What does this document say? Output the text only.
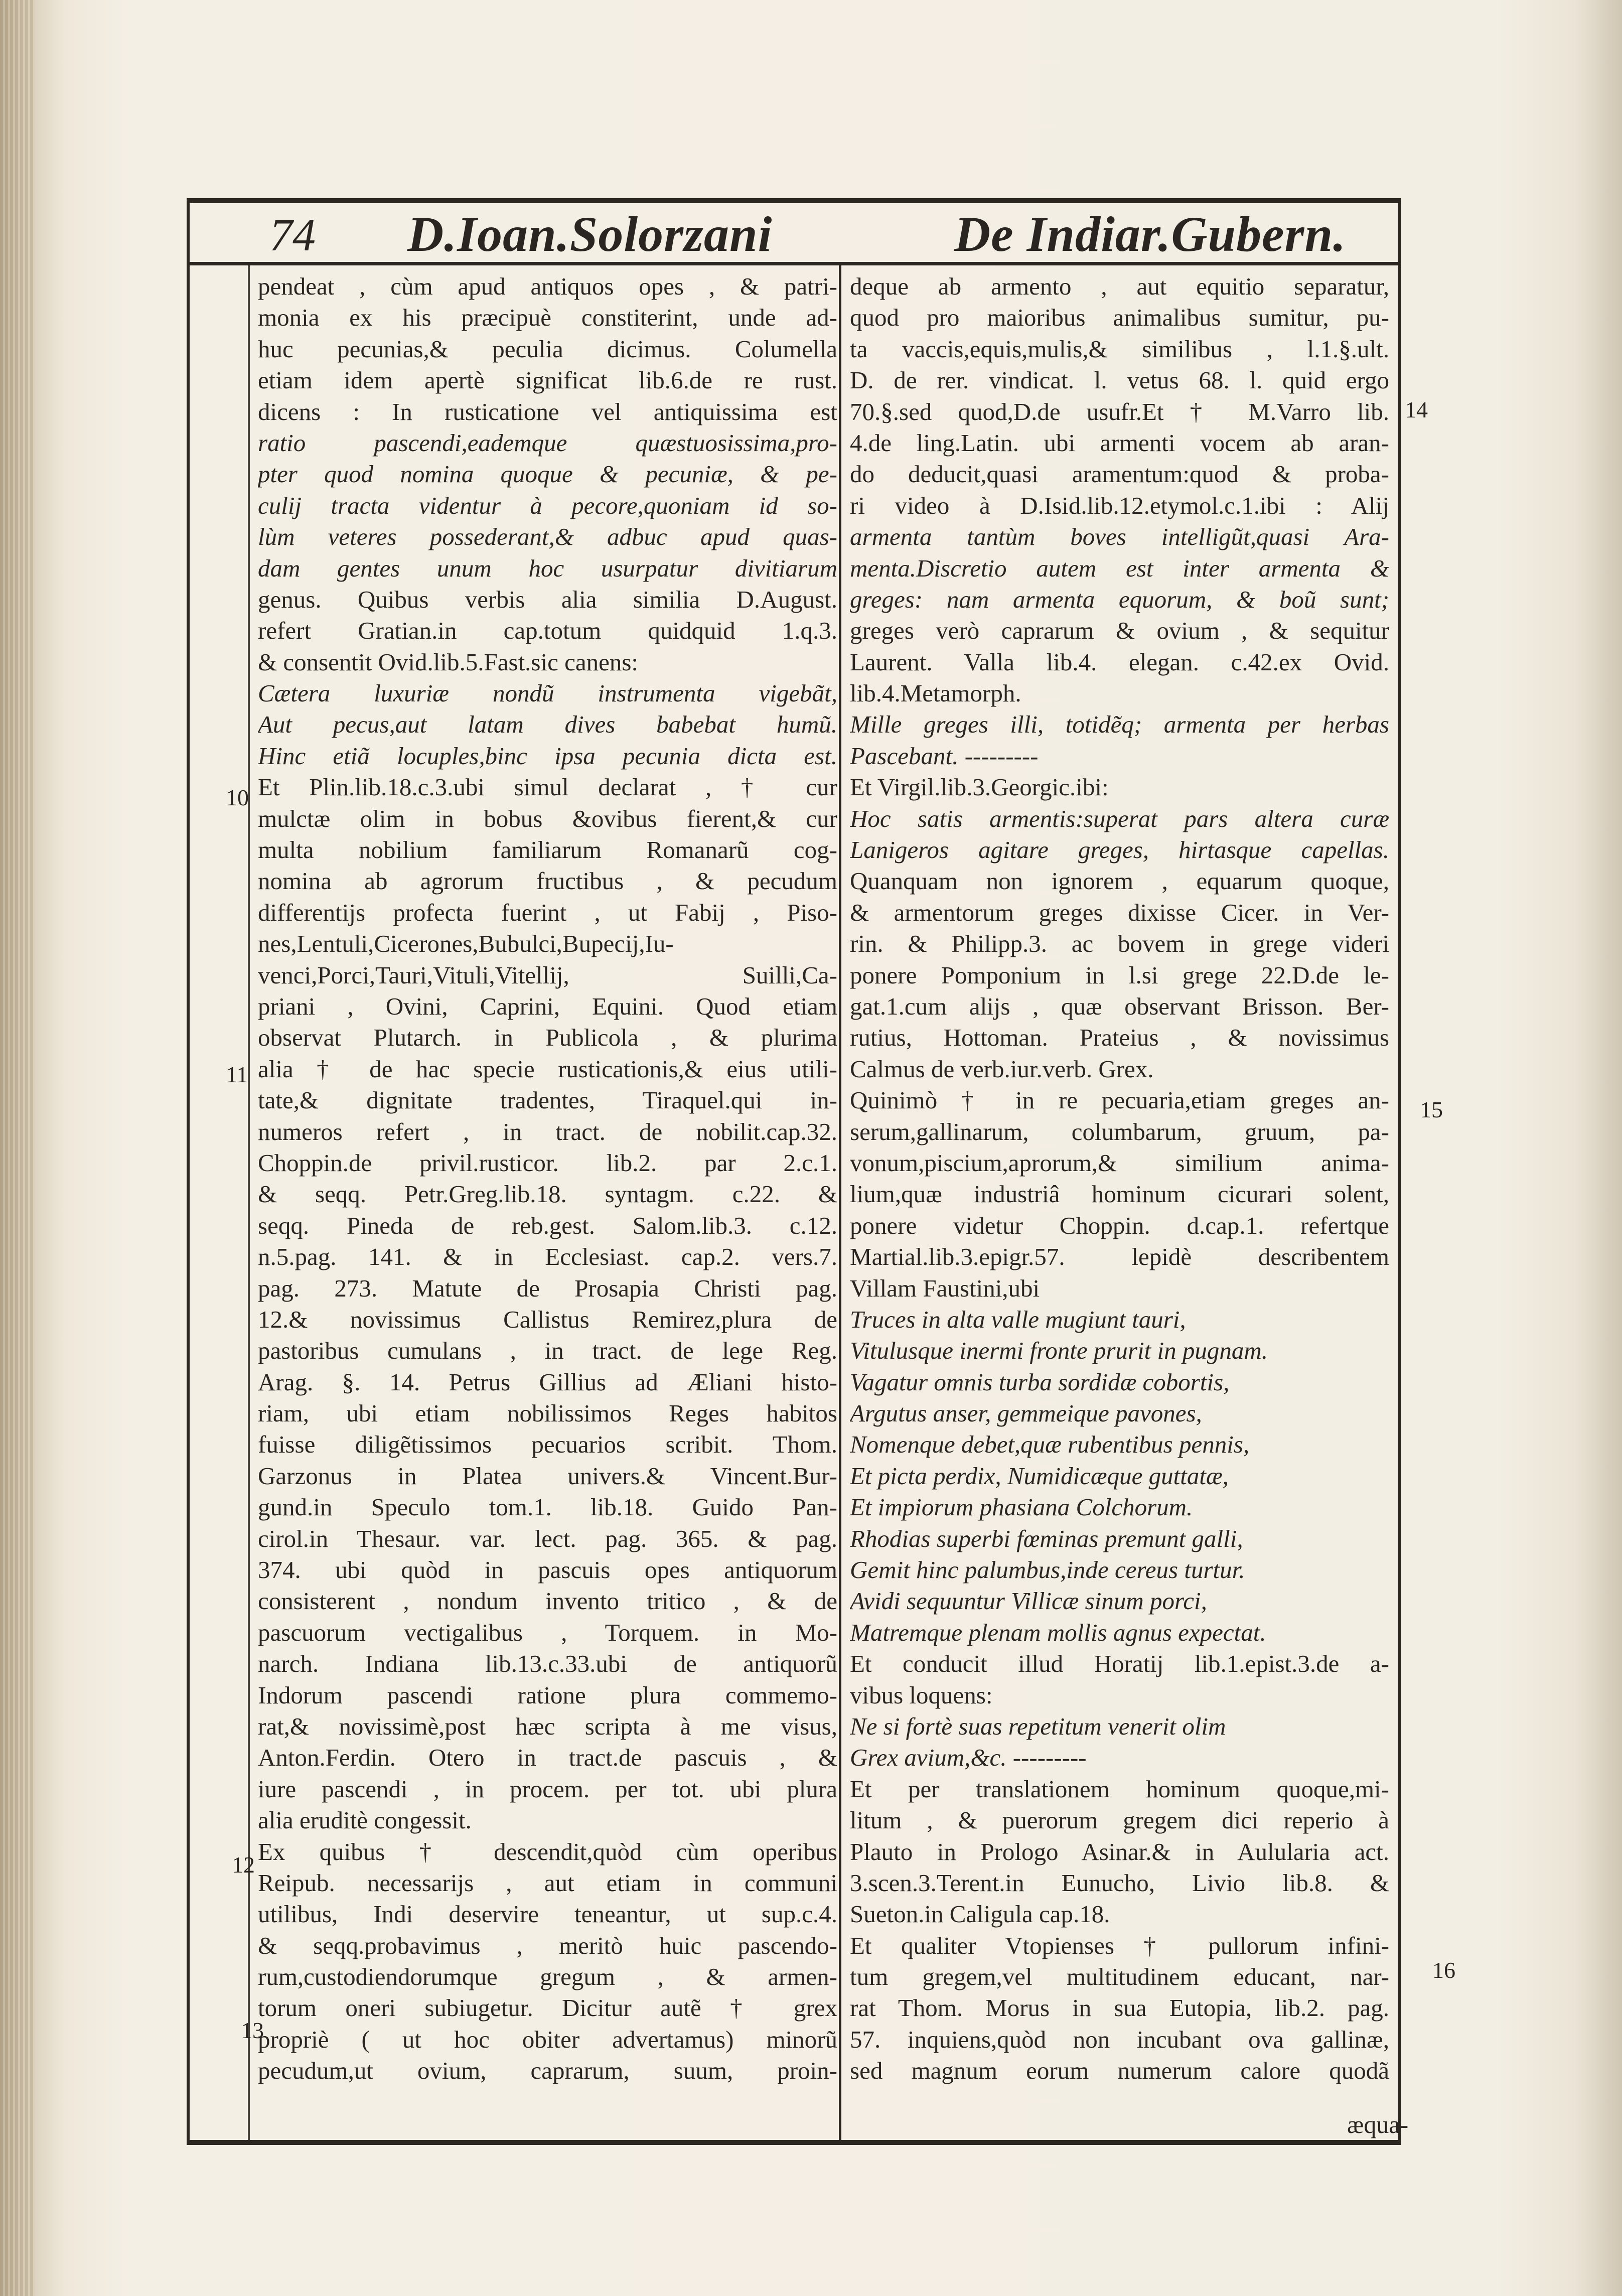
74 D.Ioan.Solorzani	De Indiar.Gubern.
pendeat , cùm apud antiquos opes , & patri-
monia ex his præcipuè constiterint, unde ad-
huc pecunias,& peculia dicimus. Columella
etiam idem apertè significat lib.6.de re rust.
dicens : In rusticatione vel antiquissima est
ratio pascendi,eademque quæstuosissima,pro-
pter quod nomina quoque & pecuniæ, & pe-
culij tracta videntur à pecore,quoniam id so-
lùm veteres possederant,& adbuc apud quas-
dam gentes unum hoc usurpatur divitiarum
genus. Quibus verbis alia similia D.August.
refert Gratian.in cap.totum quidquid 1.q.3.
& consentit Ovid.lib.5.Fast.sic canens:
Cætera luxuriæ nondũ instrumenta vigebãt,
Aut pecus,aut latam dives babebat humũ.
Hinc etiã locuples,binc ipsa pecunia dicta est.
Et Plin.lib.18.c.3.ubi simul declarat , † cur
mulctæ olim in bobus &ovibus fierent,& cur
multa nobilium familiarum Romanarũ cog-
nomina ab agrorum fructibus , & pecudum
differentijs profecta fuerint , ut Fabij , Piso-
nes,Lentuli,Cicerones,Bubulci,Bupecij,Iu-
venci,Porci,Tauri,Vituli,Vitellij, Suilli,Ca-
priani , Ovini, Caprini, Equini. Quod etiam
observat Plutarch. in Publicola , & plurima
alia † de hac specie rusticationis,& eius utili-
tate,& dignitate tradentes, Tiraquel.qui in-
numeros refert , in tract. de nobilit.cap.32.
Choppin.de privil.rusticor. lib.2. par 2.c.1.
& seqq. Petr.Greg.lib.18. syntagm. c.22. &
seqq. Pineda de reb.gest. Salom.lib.3. c.12.
n.5.pag. 141. & in Ecclesiast. cap.2. vers.7.
pag. 273. Matute de Prosapia Christi pag.
12.& novissimus Callistus Remirez,plura de
pastoribus cumulans , in tract. de lege Reg.
Arag. §. 14. Petrus Gillius ad Æliani histo-
riam, ubi etiam nobilissimos Reges habitos
fuisse diligẽtissimos pecuarios scribit. Thom.
Garzonus in Platea univers.& Vincent.Bur-
gund.in Speculo tom.1. lib.18. Guido Pan-
cirol.in Thesaur. var. lect. pag. 365. & pag.
374. ubi quòd in pascuis opes antiquorum
consisterent , nondum invento tritico , & de
pascuorum vectigalibus , Torquem. in Mo-
narch. Indiana lib.13.c.33.ubi de antiquorũ
Indorum pascendi ratione plura commemo-
rat,& novissimè,post hæc scripta à me visus,
Anton.Ferdin. Otero in tract.de pascuis , &
iure pascendi , in procem. per tot. ubi plura
alia eruditè congessit.
Ex quibus † descendit,quòd cùm operibus
Reipub. necessarijs , aut etiam in communi
utilibus, Indi deservire teneantur, ut sup.c.4.
& seqq.probavimus , meritò huic pascendo-
rum,custodiendorumque gregum , & armen-
torum oneri subiugetur. Dicitur autẽ † grex
propriè ( ut hoc obiter advertamus) minorũ
pecudum,ut ovium, caprarum, suum, proin-
deque ab armento , aut equitio separatur,
quod pro maioribus animalibus sumitur, pu-
ta vaccis,equis,mulis,& similibus , l.1.§.ult.
D. de rer. vindicat. l. vetus 68. l. quid ergo
70.§.sed quod,D.de usufr.Et † M.Varro lib.
4.de ling.Latin. ubi armenti vocem ab aran-
do deducit,quasi aramentum:quod & proba-
ri video à D.Isid.lib.12.etymol.c.1.ibi : Alij
armenta tantùm boves intelligũt,quasi Ara-
menta.Discretio autem est inter armenta &
greges: nam armenta equorum, & boũ sunt;
greges verò caprarum & ovium , & sequitur
Laurent. Valla lib.4. elegan. c.42.ex Ovid.
lib.4.Metamorph.
Mille greges illi, totidẽq; armenta per herbas
Pascebant. ---------
Et Virgil.lib.3.Georgic.ibi:
Hoc satis armentis:superat pars altera curæ
Lanigeros agitare greges, hirtasque capellas.
Quanquam non ignorem , equarum quoque,
& armentorum greges dixisse Cicer. in Ver-
rin. & Philipp.3. ac bovem in grege videri
ponere Pomponium in l.si grege 22.D.de le-
gat.1.cum alijs , quæ observant Brisson. Ber-
rutius, Hottoman. Prateius , & novissimus
Calmus de verb.iur.verb. Grex.
Quinimò † in re pecuaria,etiam greges an-
serum,gallinarum, columbarum, gruum, pa-
vonum,piscium,aprorum,& similium anima-
lium,quæ industriâ hominum cicurari solent,
ponere videtur Choppin. d.cap.1. refertque
Martial.lib.3.epigr.57. lepidè describentem
Villam Faustini,ubi
Truces in alta valle mugiunt tauri,
Vitulusque inermi fronte prurit in pugnam.
Vagatur omnis turba sordidæ cobortis,
Argutus anser, gemmeique pavones,
Nomenque debet,quæ rubentibus pennis,
Et picta perdix, Numidicæque guttatæ,
Et impiorum phasiana Colchorum.
Rhodias superbi fœminas premunt galli,
Gemit hinc palumbus,inde cereus turtur.
Avidi sequuntur Villicæ sinum porci,
Matremque plenam mollis agnus expectat.
Et conducit illud Horatij lib.1.epist.3.de a-
vibus loquens:
Ne si fortè suas repetitum venerit olim
Grex avium,&c. ---------
Et per translationem hominum quoque,mi-
litum , & puerorum gregem dici reperio à
Plauto in Prologo Asinar.& in Aulularia act.
3.scen.3.Terent.in Eunucho, Livio lib.8. &
Sueton.in Caligula cap.18.
Et qualiter Vtopienses † pullorum infini-
tum gregem,vel multitudinem educant, nar-
rat Thom. Morus in sua Eutopia, lib.2. pag.
57. inquiens,quòd non incubant ova gallinæ,
sed magnum eorum numerum calore quodã
10
11
12
13
14
15
16
æqua-
